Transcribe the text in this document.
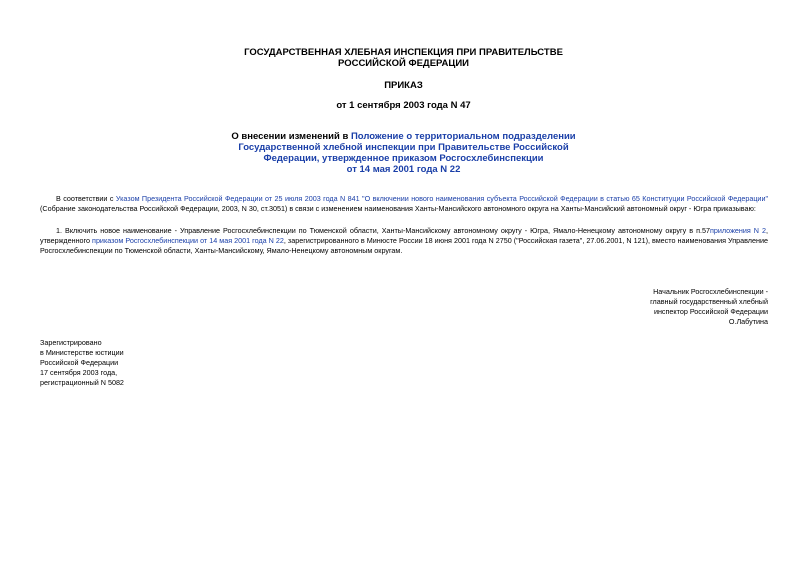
ГОСУДАРСТВЕННАЯ ХЛЕБНАЯ ИНСПЕКЦИЯ ПРИ ПРАВИТЕЛЬСТВЕ
РОССИЙСКОЙ ФЕДЕРАЦИИ
ПРИКАЗ
от 1 сентября 2003 года N 47
О внесении изменений в Положение о территориальном подразделении
Государственной хлебной инспекции при Правительстве Российской
Федерации, утвержденное приказом Росгосхлебинспекции
от 14 мая 2001 года N 22
В соответствии с Указом Президента Российской Федерации от 25 июля 2003 года N 841 "О включении нового наименования субъекта Российской Федерации в статью 65 Конституции Российской Федерации" (Собрание законодательства Российской Федерации, 2003, N 30, ст.3051) в связи с изменением наименования Ханты-Мансийского автономного округа на Ханты-Мансийский автономный округ - Югра приказываю:
1. Включить новое наименование - Управление Росгосхлебинспекции по Тюменской области, Ханты-Мансийскому автономному округу - Югра, Ямало-Ненецкому автономному округу в п.57приложения N 2, утвержденного приказом Росгосхлебинспекции от 14 мая 2001 года N 22, зарегистрированного в Минюсте России 18 июня 2001 года N 2750 ("Российская газета", 27.06.2001, N 121), вместо наименования Управление Росгосхлебинспекции по Тюменской области, Ханты-Мансийскому, Ямало-Ненецкому автономным округам.
Начальник Росгосхлебинспекции -
главный государственный хлебный
инспектор Российской Федерации
О.Лабутина
Зарегистрировано
в Министерстве юстиции
Российской Федерации
17 сентября 2003 года,
регистрационный N 5082
